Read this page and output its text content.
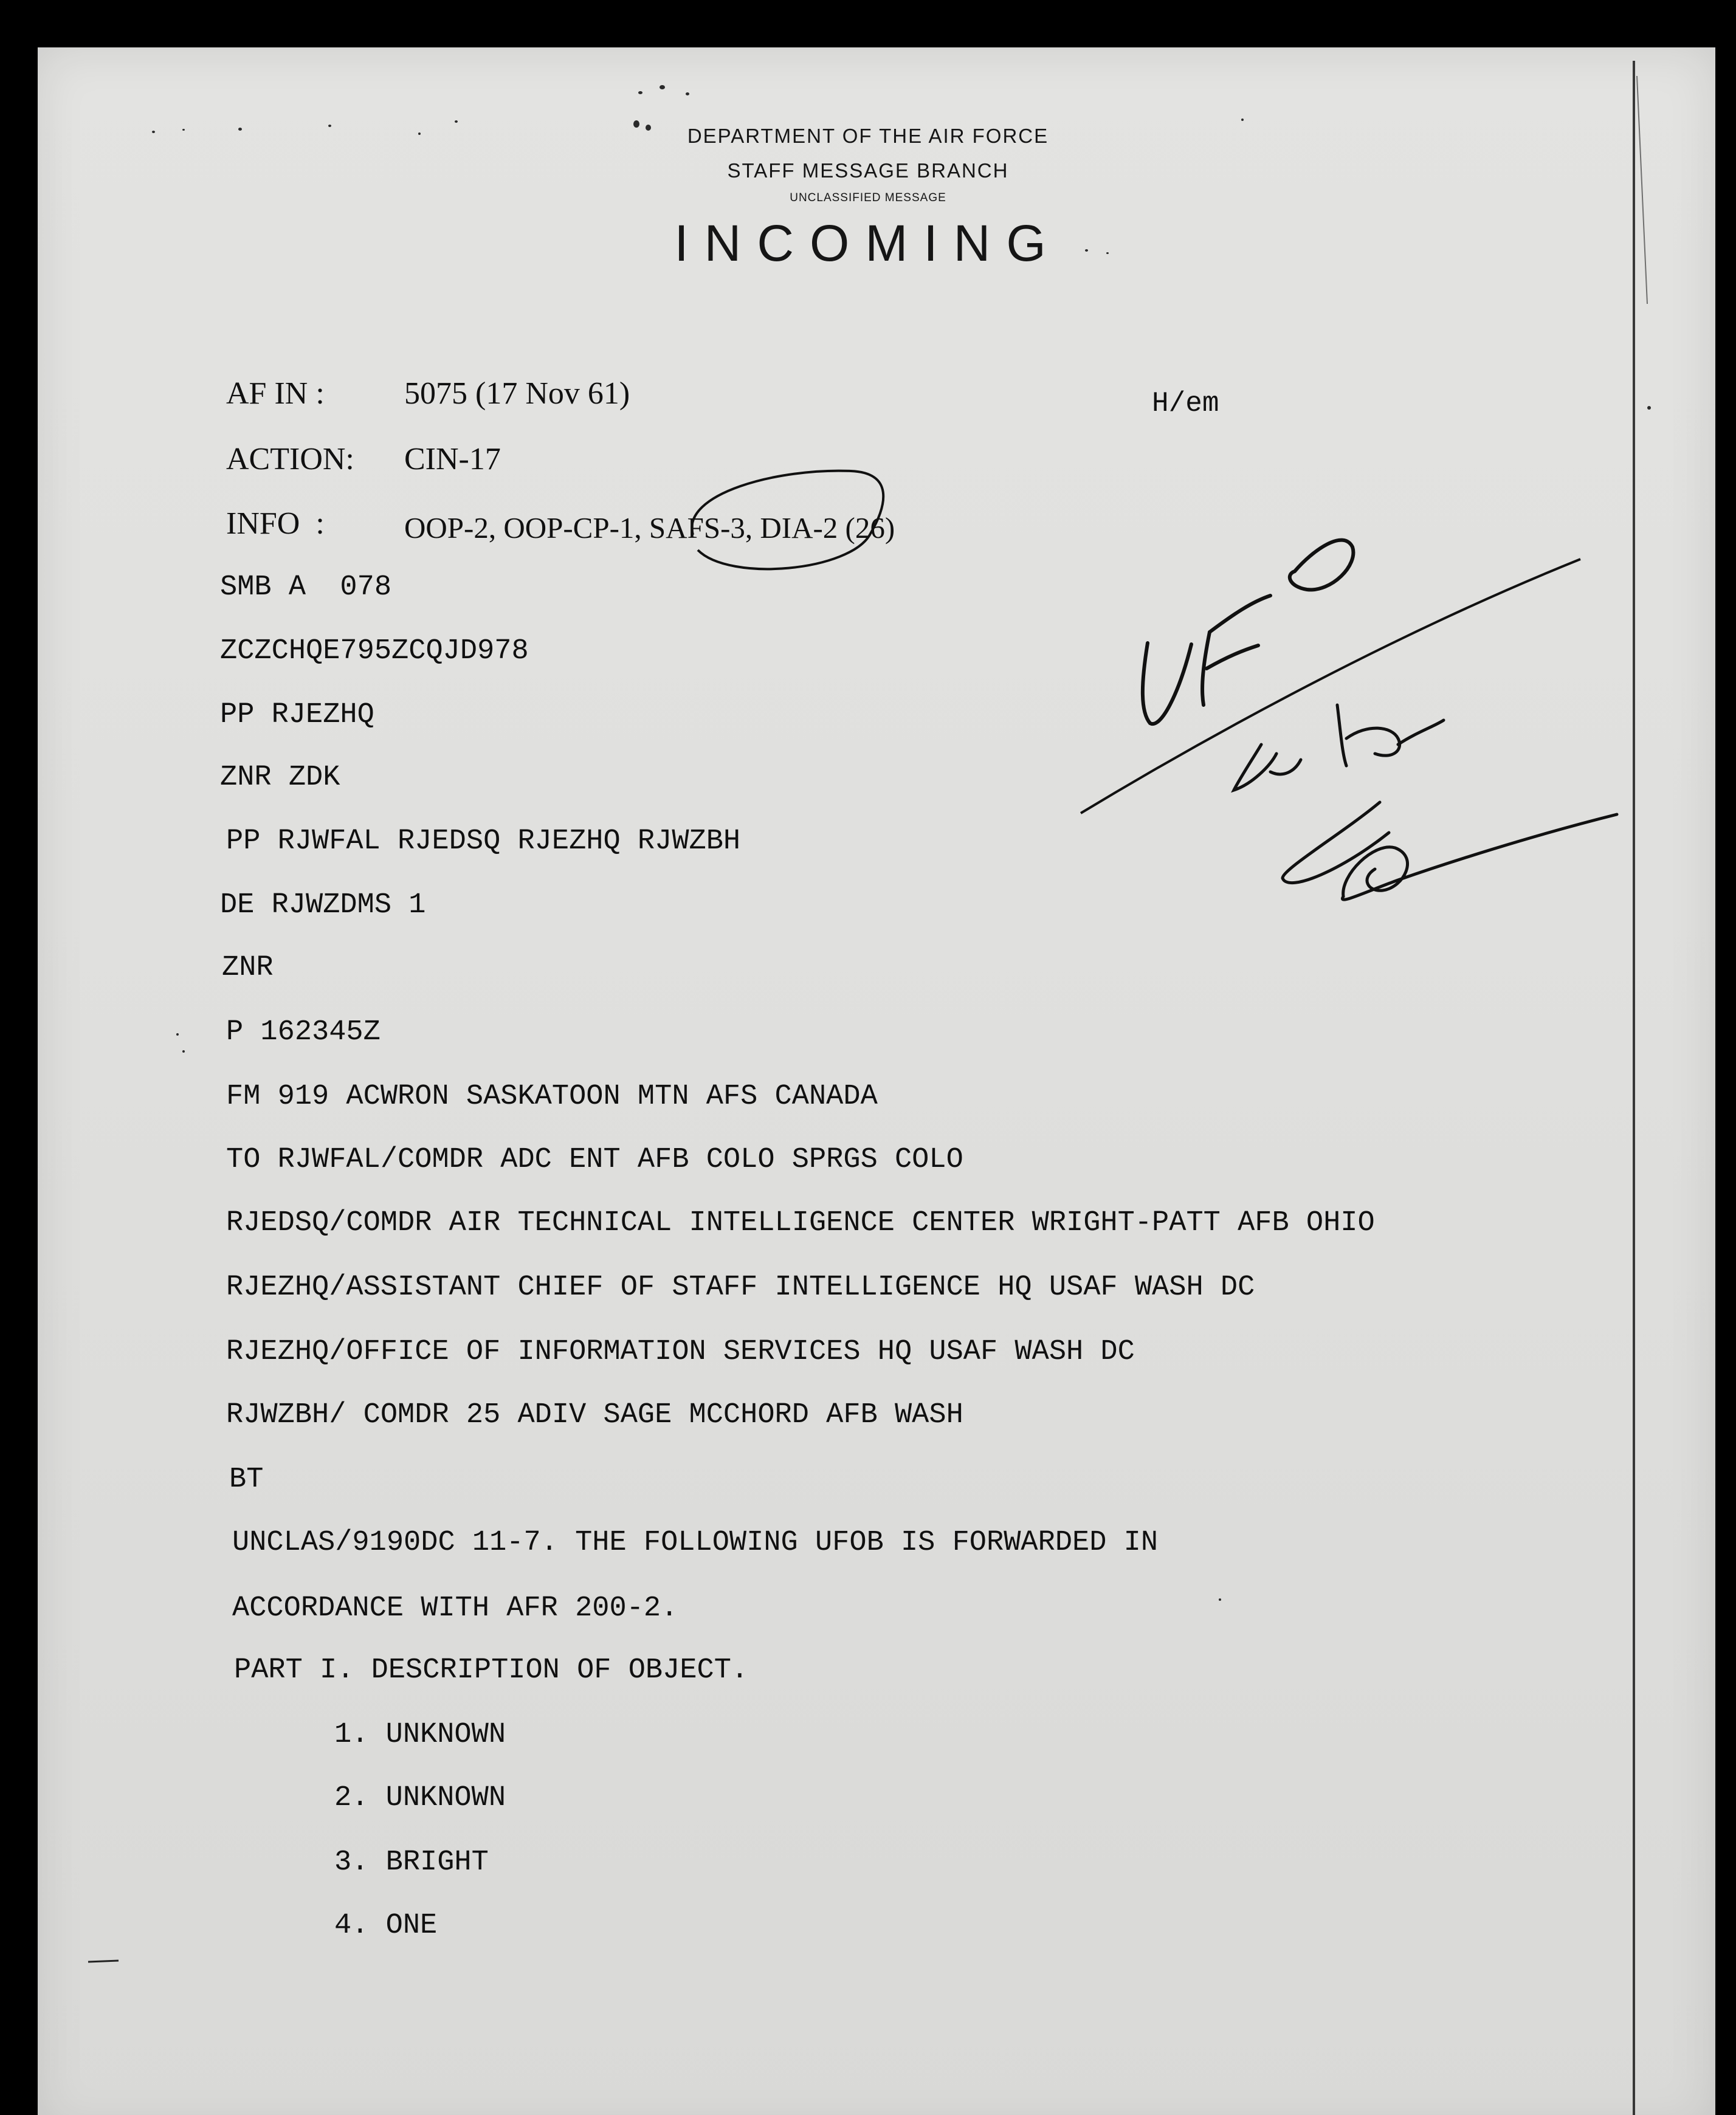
DEPARTMENT OF THE AIR FORCE
STAFF MESSAGE BRANCH
UNCLASSIFIED MESSAGE
INCOMING
AF IN :	5075 (17 Nov 61)	H/em
ACTION: CIN-17
INFO  :	OOP-2, OOP-CP-1, SAFS-3, DIA-2 (26)
SMB A  078
ZCZCHQE795ZCQJD978
PP RJEZHQ
ZNR ZDK
PP RJWFAL RJEDSQ RJEZHQ RJWZBH
DE RJWZDMS 1
ZNR
P 162345Z
FM 919 ACWRON SASKATOON MTN AFS CANADA
TO RJWFAL/COMDR ADC ENT AFB COLO SPRGS COLO
RJEDSQ/COMDR AIR TECHNICAL INTELLIGENCE CENTER WRIGHT-PATT AFB OHIO
RJEZHQ/ASSISTANT CHIEF OF STAFF INTELLIGENCE HQ USAF WASH DC
RJEZHQ/OFFICE OF INFORMATION SERVICES HQ USAF WASH DC
RJWZBH/ COMDR 25 ADIV SAGE MCCHORD AFB WASH
BT
UNCLAS/9190DC 11-7. THE FOLLOWING UFOB IS FORWARDED IN
ACCORDANCE WITH AFR 200-2.
PART I. DESCRIPTION OF OBJECT.
1. UNKNOWN
2. UNKNOWN
3. BRIGHT
4. ONE
